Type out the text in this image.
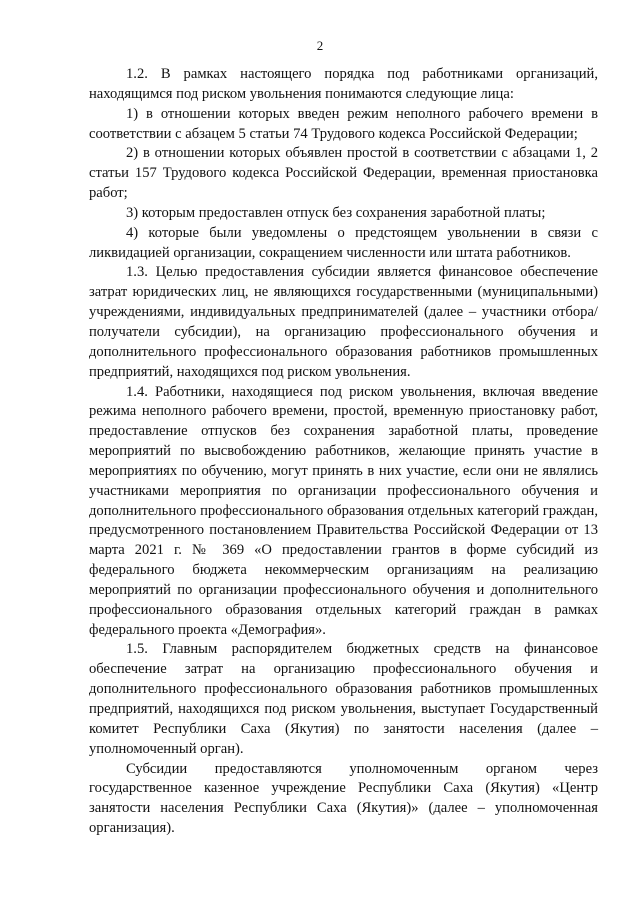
2

1.2. В рамках настоящего порядка под работниками организаций, находящимся под риском увольнения понимаются следующие лица:

1) в отношении которых введен режим неполного рабочего времени в соответствии с абзацем 5 статьи 74 Трудового кодекса Российской Федерации;

2) в отношении которых объявлен простой в соответствии с абзацами 1, 2 статьи 157 Трудового кодекса Российской Федерации, временная приостановка работ;

3) которым предоставлен отпуск без сохранения заработной платы;

4) которые были уведомлены о предстоящем увольнении в связи с ликвидацией организации, сокращением численности или штата работников.

1.3. Целью предоставления субсидии является финансовое обеспечение затрат юридических лиц, не являющихся государственными (муниципальными) учреждениями, индивидуальных предпринимателей (далее – участники отбора/получатели субсидии), на организацию профессионального обучения и дополнительного профессионального образования работников промышленных предприятий, находящихся под риском увольнения.

1.4. Работники, находящиеся под риском увольнения, включая введение режима неполного рабочего времени, простой, временную приостановку работ, предоставление отпусков без сохранения заработной платы, проведение мероприятий по высвобождению работников, желающие принять участие в мероприятиях по обучению, могут принять в них участие, если они не являлись участниками мероприятия по организации профессионального обучения и дополнительного профессионального образования отдельных категорий граждан, предусмотренного постановлением Правительства Российской Федерации от 13 марта 2021 г. № 369 «О предоставлении грантов в форме субсидий из федерального бюджета некоммерческим организациям на реализацию мероприятий по организации профессионального обучения и дополнительного профессионального образования отдельных категорий граждан в рамках федерального проекта «Демография».

1.5. Главным распорядителем бюджетных средств на финансовое обеспечение затрат на организацию профессионального обучения и дополнительного профессионального образования работников промышленных предприятий, находящихся под риском увольнения, выступает Государственный комитет Республики Саха (Якутия) по занятости населения (далее – уполномоченный орган).

Субсидии предоставляются уполномоченным органом через государственное казенное учреждение Республики Саха (Якутия) «Центр занятости населения Республики Саха (Якутия)» (далее – уполномоченная организация).
